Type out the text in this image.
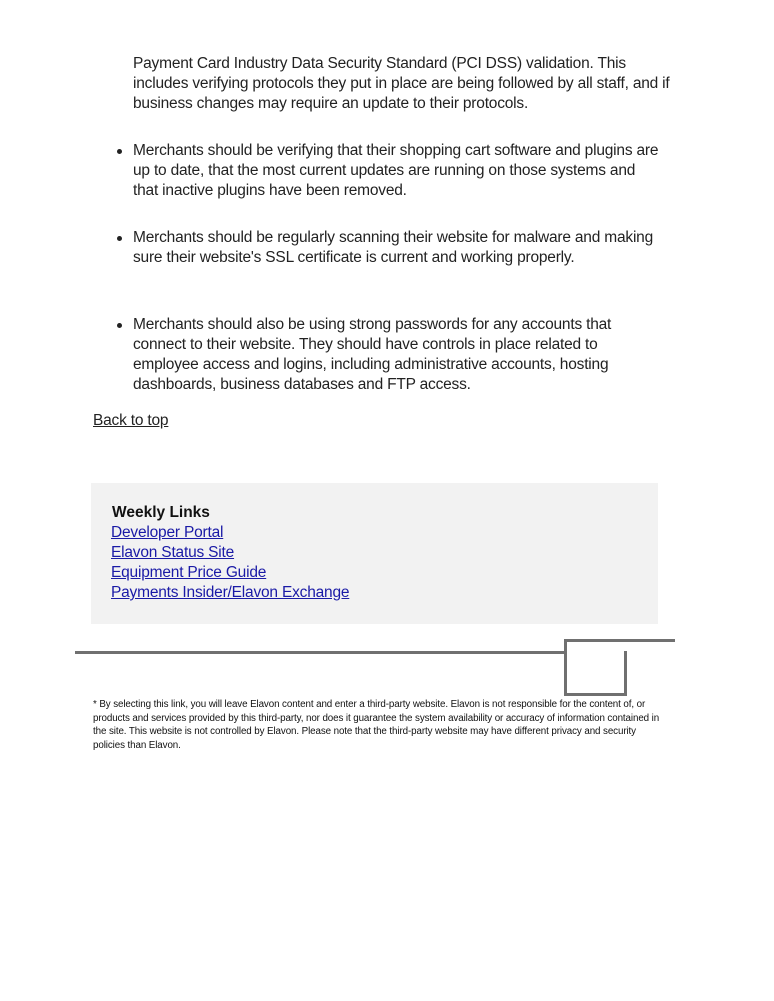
Payment Card Industry Data Security Standard (PCI DSS) validation. This
includes verifying protocols they put in place are being followed by all staff, and if business changes may require an update to their protocols.
Merchants should be verifying that their shopping cart software and plugins are up to date, that the most current updates are running on those systems and that inactive plugins have been removed.
Merchants should be regularly scanning their website for malware and making sure their website's SSL certificate is current and working properly.
Merchants should also be using strong passwords for any accounts that connect to their website. They should have controls in place related to employee access and logins, including administrative accounts, hosting dashboards, business databases and FTP access.
Back to top
Weekly Links
Developer Portal
Elavon Status Site
Equipment Price Guide
Payments Insider/Elavon Exchange
* By selecting this link, you will leave Elavon content and enter a third-party website. Elavon is not responsible for the content of, or products and services provided by this third-party, nor does it guarantee the system availability or accuracy of information contained in the site. This website is not controlled by Elavon. Please note that the third-party website may have different privacy and security policies than Elavon.
